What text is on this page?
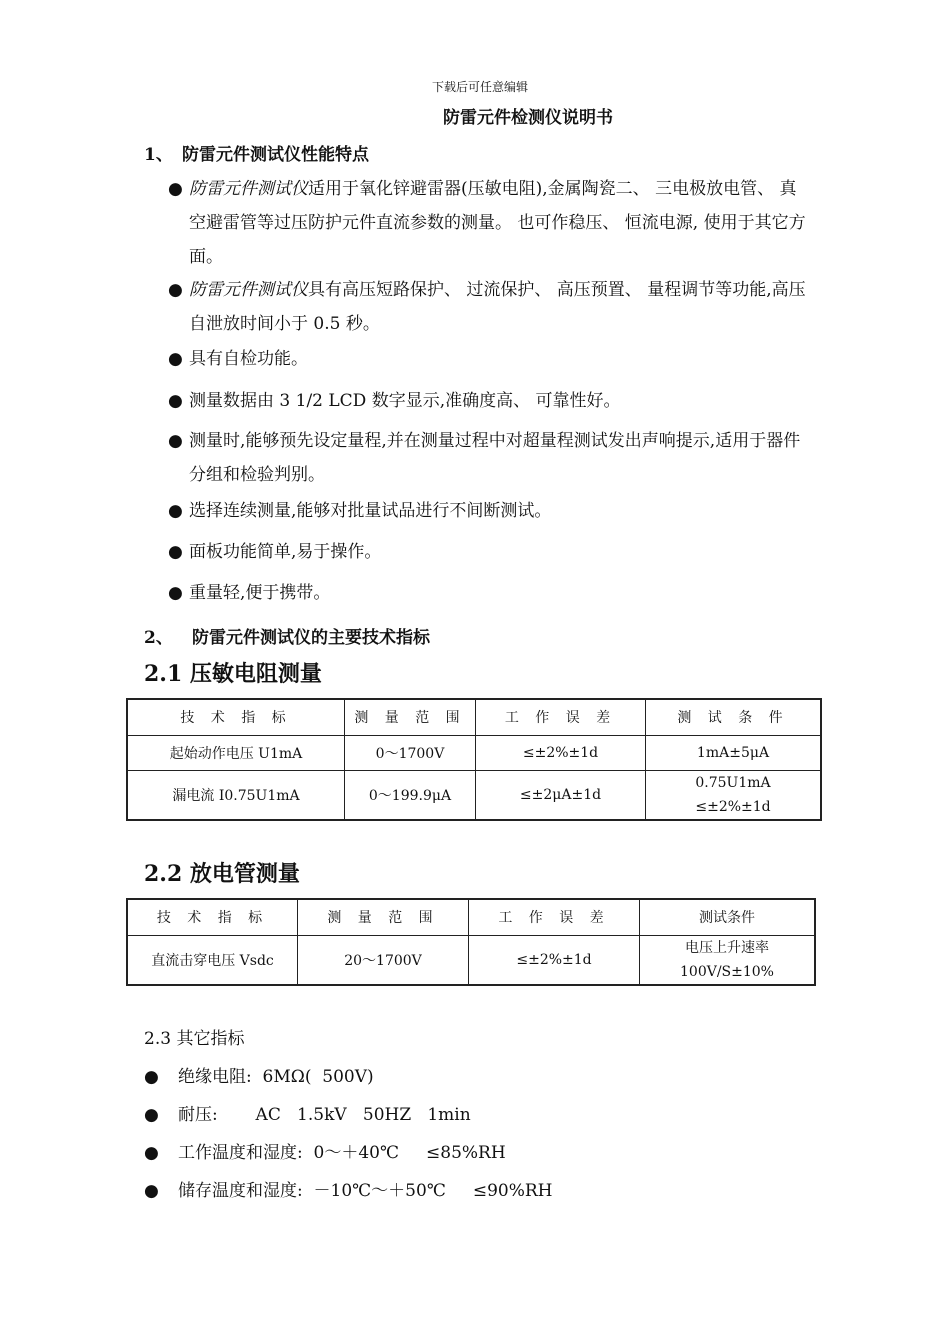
下载后可任意编辑
防雷元件检测仪说明书
1、 防雷元件测试仪性能特点
● 防雷元件测试仪适用于氧化锌避雷器(压敏电阻),金属陶瓷二、 三电极放电管、 真空避雷管等过压防护元件直流参数的测量。 也可作稳压、 恒流电源, 使用于其它方面。
● 防雷元件测试仪具有高压短路保护、 过流保护、 高压预置、 量程调节等功能,高压自泄放时间小于 0.5 秒。
● 具有自检功能。
● 测量数据由 3 1/2 LCD 数字显示,准确度高、 可靠性好。
● 测量时,能够预先设定量程,并在测量过程中对超量程测试发出声响提示,适用于器件分组和检验判别。
● 选择连续测量,能够对批量试品进行不间断测试。
● 面板功能简单,易于操作。
● 重量轻,便于携带。
2、 防雷元件测试仪的主要技术指标
2.1 压敏电阻测量
技 术 指 标	测 量 范 围	工 作 误 差	测 试 条 件
起始动作电压 U1mA	0～1700V	≤±2%±1d	1mA±5μA
漏电流 I0.75U1mA	0～199.9μA	≤±2μA±1d	0.75U1mA
≤±2%±1d
2.2 放电管测量
技 术 指 标	测 量 范 围	工 作 误 差	测试条件
直流击穿电压 Vsdc	20～1700V	≤±2%±1d	电压上升速率
100V/S±10%
2.3 其它指标
● 绝缘电阻:  6MΩ(  500V)
● 耐压:       AC   1.5kV   50HZ   1min
● 工作温度和湿度:  0～＋40℃     ≤85%RH
● 储存温度和湿度:  －10℃～＋50℃     ≤90%RH
